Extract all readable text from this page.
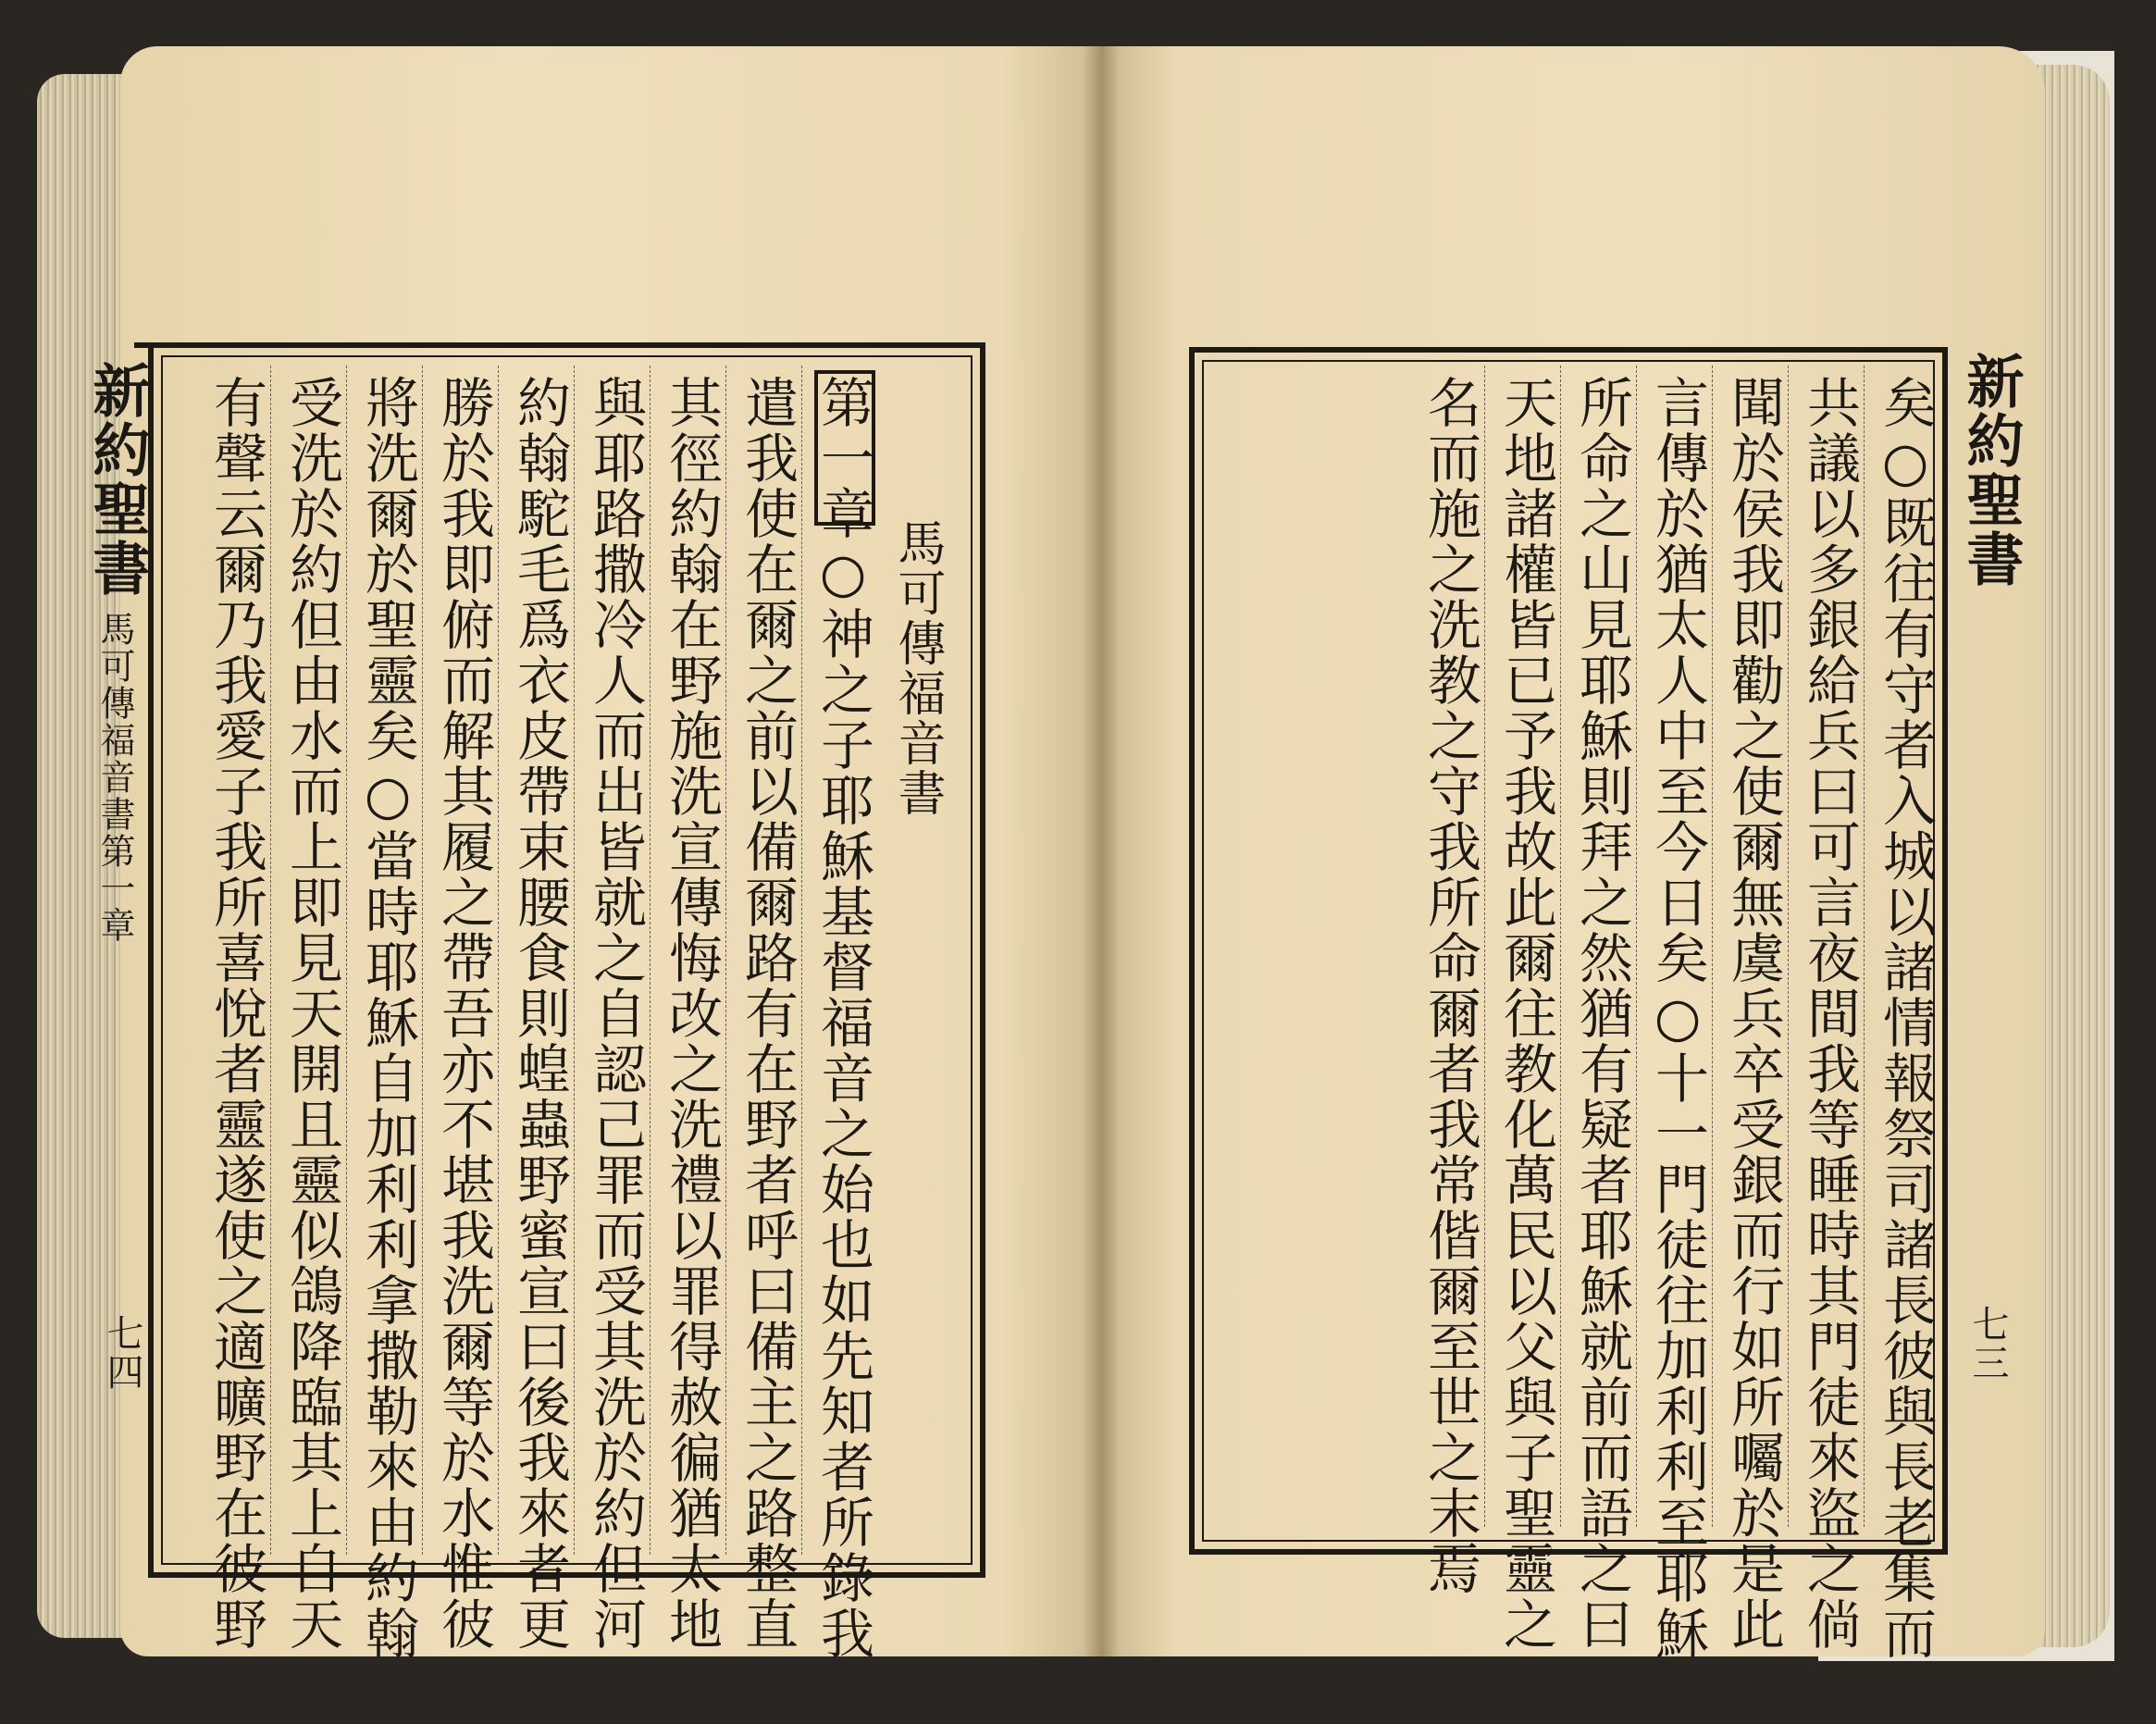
新約聖書
馬可傳福音書第一章
七四
馬可傳福音書
第一章○神之子耶穌基督福音之始也如先知者所錄我
遣我使在爾之前以備爾路有在野者呼曰備主之路整直
其徑約翰在野施洗宣傳悔改之洗禮以罪得赦徧猶太地
與耶路撒冷人而出皆就之自認己罪而受其洗於約但河
約翰駝毛爲衣皮帶束腰食則蝗蟲野蜜宣曰後我來者更
勝於我即俯而解其履之帶吾亦不堪我洗爾等於水惟彼
將洗爾於聖靈矣○當時耶穌自加利利拿撒勒來由約翰
受洗於約但由水而上即見天開且靈似鴿降臨其上自天
有聲云爾乃我愛子我所喜悅者靈遂使之適曠野在彼野	新約聖書
七三
矣○既往有守者入城以諸情報祭司諸長彼與長老集而
共議以多銀給兵曰可言夜間我等睡時其門徒來盜之倘
聞於侯我即勸之使爾無虞兵卒受銀而行如所囑於是此
言傳於猶太人中至今日矣○十一門徒往加利利至耶穌
所命之山見耶穌則拜之然猶有疑者耶穌就前而語之曰
天地諸權皆已予我故此爾往教化萬民以父與子聖靈之
名而施之洗教之守我所命爾者我常偕爾至世之末焉
